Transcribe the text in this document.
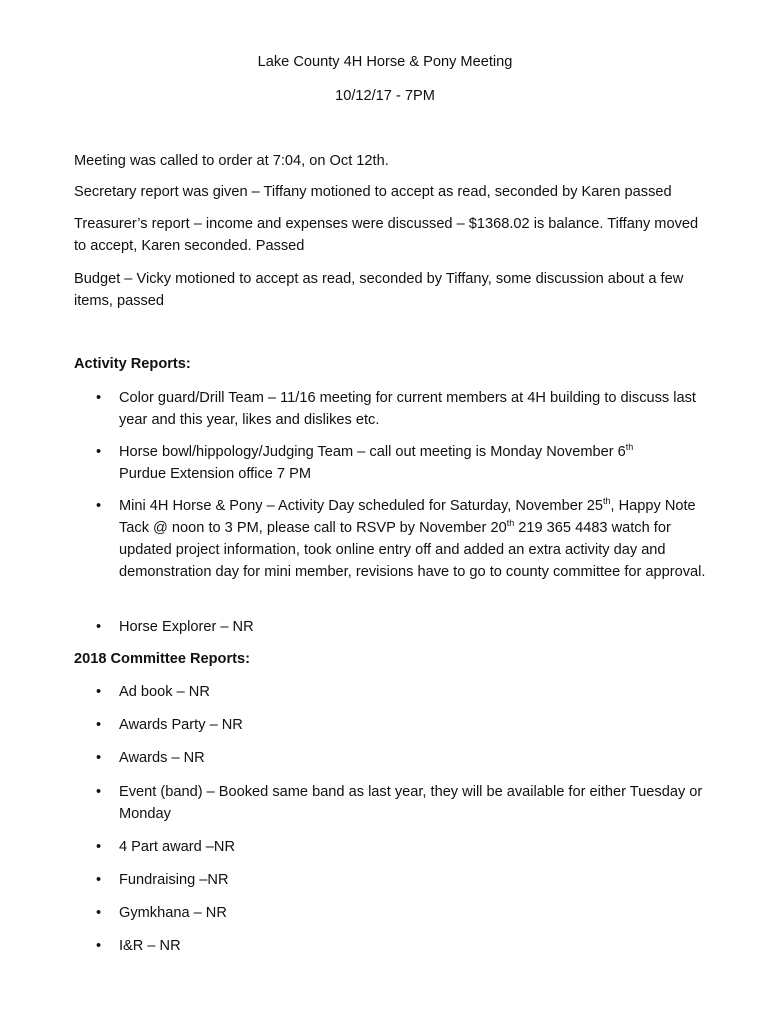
Lake County 4H Horse & Pony Meeting

10/12/17 - 7PM

Meeting was called to order at 7:04, on Oct 12th.

Secretary report was given – Tiffany motioned to accept as read, seconded by Karen passed

Treasurer’s report – income and expenses were discussed – $1368.02 is balance. Tiffany moved to accept, Karen seconded. Passed

Budget – Vicky motioned to accept as read, seconded by Tiffany, some discussion about a few items, passed

Activity Reports:

•	Color guard/Drill Team – 11/16 meeting for current members at 4H building to discuss last year and this year, likes and dislikes etc.
•	Horse bowl/hippology/Judging Team – call out meeting is Monday November 6th
Purdue Extension office 7 PM
•	Mini 4H Horse & Pony – Activity Day scheduled for Saturday, November 25th, Happy Note Tack @ noon to 3 PM, please call to RSVP by November 20th 219 365 4483 watch for updated project information, took online entry off and added an extra activity day and demonstration day for mini member, revisions have to go to county committee for approval.
•	Horse Explorer – NR

2018 Committee Reports:

•	Ad book – NR
•	Awards Party – NR
•	Awards – NR
•	Event (band) – Booked same band as last year, they will be available for either Tuesday or Monday
•	4 Part award –NR
•	Fundraising –NR
•	Gymkhana – NR
•	I&R – NR
